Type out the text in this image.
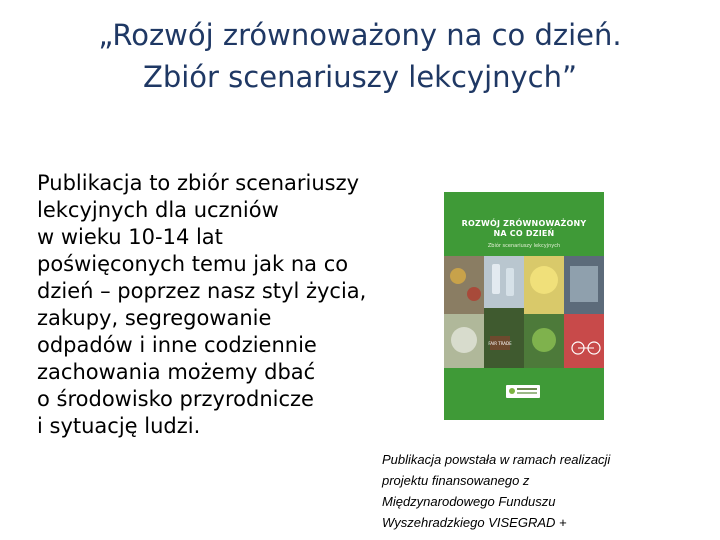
„Rozwój zrównoważony na co dzień.
Zbiór scenariuszy lekcyjnych”
Publikacja to zbiór scenariuszy
lekcyjnych dla uczniów
w wieku 10-14 lat
poświęconych temu jak na co
dzień – poprzez nasz styl życia,
zakupy, segregowanie
odpadów i inne codziennie
zachowania możemy dbać
o środowisko przyrodnicze
i sytuację ludzi.
ROZWÓJ ZRÓWNOWAŻONY
NA CO DZIEŃ
Zbiór scenariuszy lekcyjnych
FAIR TRADE
Publikacja powstała w ramach realizacji
projektu finansowanego z
Międzynarodowego Funduszu
Wyszehradzkiego VISEGRAD +
